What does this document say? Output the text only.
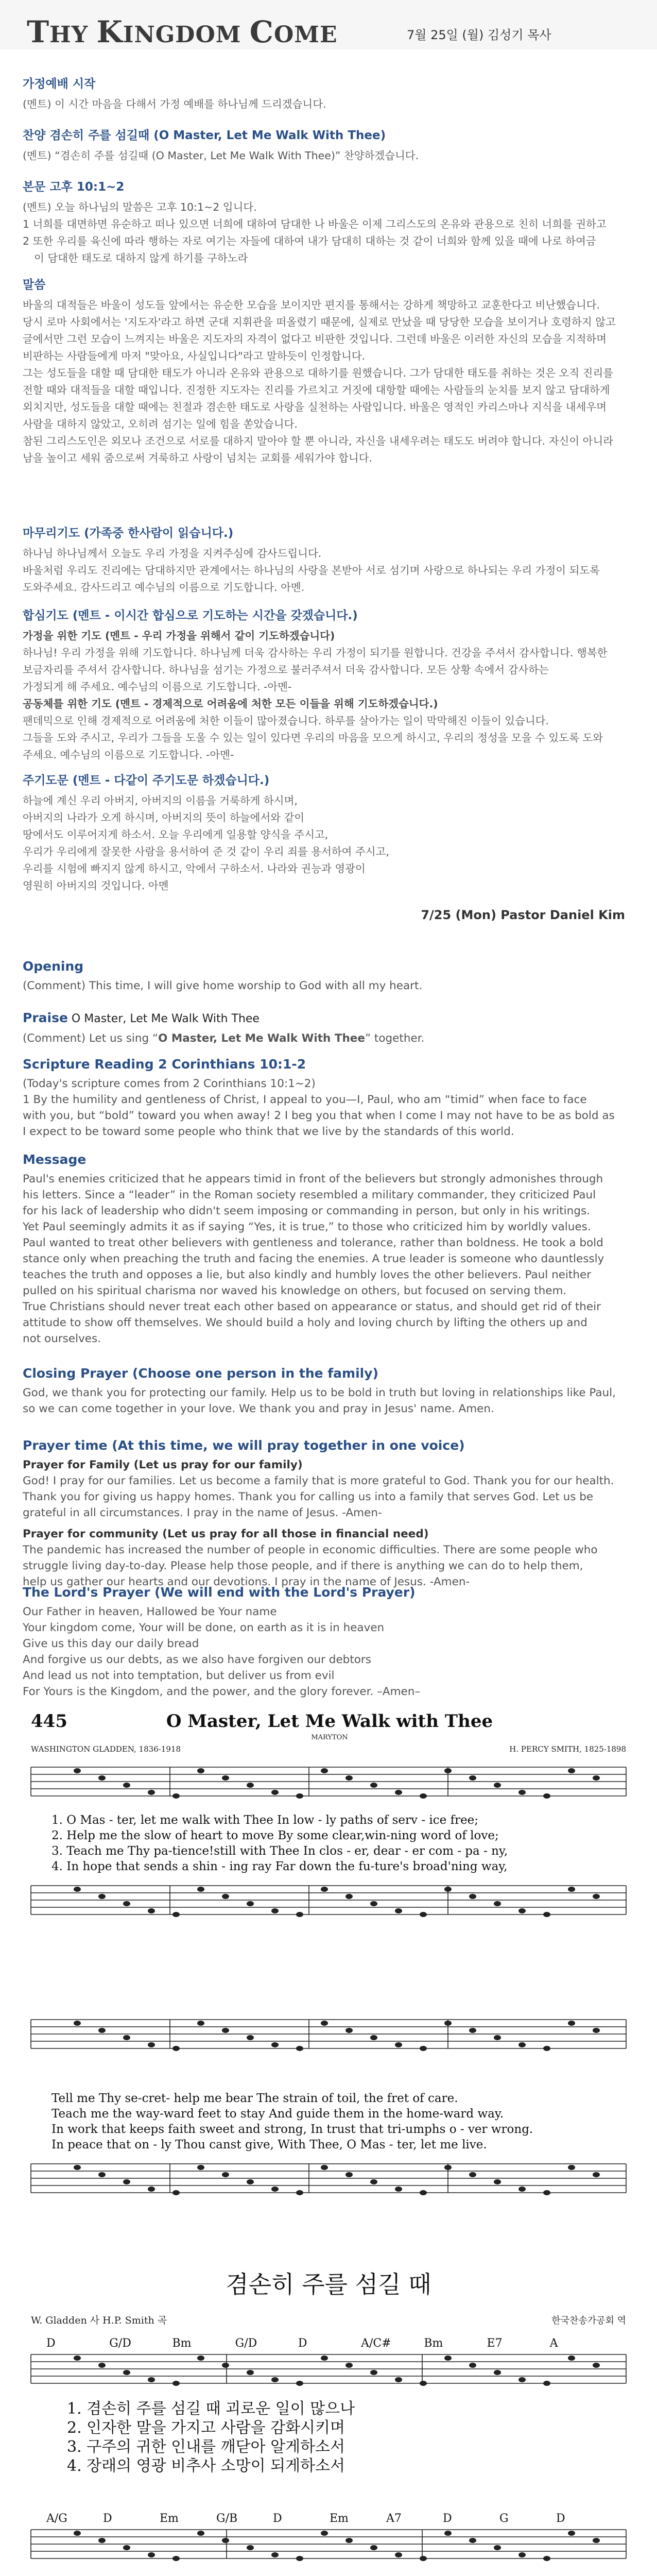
THY KINGDOM COME	7월 25일 (월) 김성기 목사
가정예배 시작

(멘트) 이 시간 마음을 다해서 가정 예배를 하나님께 드리겠습니다.

찬양 겸손히 주를 섬길때 (O Master, Let Me Walk With Thee)

(멘트) “겸손히 주를 섬길때 (O Master, Let Me Walk With Thee)” 찬양하겠습니다.

본문 고후 10:1~2

(멘트) 오늘 하나님의 말씀은 고후 10:1~2 입니다.

1 너희를 대면하면 유순하고 떠나 있으면 너희에 대하여 담대한 나 바울은 이제 그리스도의 온유와 관용으로 친히 너희를 권하고

2 또한 우리를 육신에 따라 행하는 자로 여기는 자들에 대하여 내가 담대히 대하는 것 같이 너희와 함께 있을 때에 나로 하여금

이 담대한 태도로 대하지 않게 하기를 구하노라

말씀

바울의 대적들은 바울이 성도들 앞에서는 유순한 모습을 보이지만 편지를 통해서는 강하게 책망하고 교훈한다고 비난했습니다.

당시 로마 사회에서는 '지도자'라고 하면 군대 지휘관을 떠올렸기 때문에, 실제로 만났을 때 당당한 모습을 보이거나 호령하지 않고

글에서만 그런 모습이 느껴지는 바울은 지도자의 자격이 없다고 비판한 것입니다. 그런데 바울은 이러한 자신의 모습을 지적하며

비판하는 사람들에게 마저 "맞아요, 사실입니다"라고 말하듯이 인정합니다.

그는 성도들을 대할 때 담대한 태도가 아니라 온유와 관용으로 대하기를 원했습니다. 그가 담대한 태도를 취하는 것은 오직 진리를

전할 때와 대적들을 대할 때입니다. 진정한 지도자는 진리를 가르치고 거짓에 대항할 때에는 사람들의 눈치를 보지 않고 담대하게

외치지만, 성도들을 대할 때에는 친절과 겸손한 태도로 사랑을 실천하는 사람입니다. 바울은 영적인 카리스마나 지식을 내세우며

사람을 대하지 않았고, 오히려 섬기는 일에 힘을 쏟았습니다.

참된 그리스도인은 외모나 조건으로 서로를 대하지 말아야 할 뿐 아니라, 자신을 내세우려는 태도도 버려야 합니다. 자신이 아니라

남을 높이고 세워 줌으로써 겨룩하고 사랑이 넘치는 교회를 세워가야 합니다.

마무리기도 (가족중 한사람이 읽습니다.)

하나님 하나님께서 오늘도 우리 가정을 지켜주심에 감사드립니다.

바울처럼 우리도 진리에는 담대하지만 관계에서는 하나님의 사랑을 본받아 서로 섬기며 사랑으로 하나되는 우리 가정이 되도록

도와주세요. 감사드리고 예수님의 이름으로 기도합니다. 아멘.

합심기도 (멘트 - 이시간 합심으로 기도하는 시간을 갖겠습니다.)

가정을 위한 기도 (멘트 - 우리 가정을 위해서 같이 기도하겠습니다)

하나님! 우리 가정을 위해 기도합니다. 하나님께 더욱 감사하는 우리 가정이 되기를 원합니다. 건강을 주셔서 감사합니다. 행복한

보금자리를 주셔서 감사합니다. 하나님을 섬기는 가정으로 불러주셔서 더욱 감사합니다. 모든 상황 속에서 감사하는

가정되게 해 주세요. 예수님의 이름으로 기도합니다. -아멘-

공동체를 위한 기도 (멘트 - 경제적으로 어려움에 처한 모든 이들을 위해 기도하겠습니다.)

팬데믹으로 인해 경제적으로 어려움에 처한 이들이 많아졌습니다. 하루를 살아가는 일이 막막해진 이들이 있습니다.

그들을 도와 주시고, 우리가 그들을 도울 수 있는 일이 있다면 우리의 마음을 모으게 하시고, 우리의 정성을 모을 수 있도록 도와

주세요. 예수님의 이름으로 기도합니다. -아멘-

주기도문 (멘트 - 다같이 주기도문 하겠습니다.)

하늘에 계신 우리 아버지, 아버지의 이름을 거룩하게 하시며,

아버지의 나라가 오게 하시며, 아버지의 뜻이 하늘에서와 같이

땅에서도 이루어지게 하소서. 오늘 우리에게 일용할 양식을 주시고,

우리가 우리에게 잘못한 사람을 용서하여 준 것 같이 우리 죄를 용서하여 주시고,

우리를 시험에 빠지지 않게 하시고, 악에서 구하소서. 나라와 권능과 영광이

영원히 아버지의 것입니다. 아멘

7/25 (Mon) Pastor Daniel Kim
Opening

(Comment) This time, I will give home worship to God with all my heart.

Praise O Master, Let Me Walk With Thee

(Comment) Let us sing “O Master, Let Me Walk With Thee” together.

Scripture Reading 2 Corinthians 10:1-2

(Today's scripture comes from 2 Corinthians 10:1~2)

1 By the humility and gentleness of Christ, I appeal to you—I, Paul, who am “timid” when face to face

with you, but “bold” toward you when away! 2 I beg you that when I come I may not have to be as bold as

I expect to be toward some people who think that we live by the standards of this world.

Message

Paul's enemies criticized that he appears timid in front of the believers but strongly admonishes through

his letters. Since a “leader” in the Roman society resembled a military commander, they criticized Paul

for his lack of leadership who didn't seem imposing or commanding in person, but only in his writings.

Yet Paul seemingly admits it as if saying “Yes, it is true,” to those who criticized him by worldly values.

Paul wanted to treat other believers with gentleness and tolerance, rather than boldness. He took a bold

stance only when preaching the truth and facing the enemies. A true leader is someone who dauntlessly

teaches the truth and opposes a lie, but also kindly and humbly loves the other believers. Paul neither

pulled on his spiritual charisma nor waved his knowledge on others, but focused on serving them.

True Christians should never treat each other based on appearance or status, and should get rid of their

attitude to show off themselves. We should build a holy and loving church by lifting the others up and

not ourselves.

Closing Prayer (Choose one person in the family)

God, we thank you for protecting our family. Help us to be bold in truth but loving in relationships like Paul,

so we can come together in your love. We thank you and pray in Jesus' name. Amen.

Prayer time (At this time, we will pray together in one voice)

Prayer for Family (Let us pray for our family)

God! I pray for our families. Let us become a family that is more grateful to God. Thank you for our health.

Thank you for giving us happy homes. Thank you for calling us into a family that serves God. Let us be

grateful in all circumstances. I pray in the name of Jesus. -Amen-

Prayer for community (Let us pray for all those in financial need)

The pandemic has increased the number of people in economic difficulties. There are some people who

struggle living day-to-day. Please help those people, and if there is anything we can do to help them,

help us gather our hearts and our devotions. I pray in the name of Jesus. -Amen-

The Lord's Prayer (We will end with the Lord's Prayer)

Our Father in heaven, Hallowed be Your name

Your kingdom come, Your will be done, on earth as it is in heaven

Give us this day our daily bread

And forgive us our debts, as we also have forgiven our debtors

And lead us not into temptation, but deliver us from evil

For Yours is the Kingdom, and the power, and the glory forever. –Amen–

445	O Master, Let Me Walk with Thee
MARYTON
WASHINGTON GLADDEN, 1836-1918	H. PERCY SMITH, 1825-1898
1. O Mas - ter, let me walk with Thee In low - ly paths of serv - ice free;
2. Help me the slow of heart to move By some clear,win-ning word of love;
3. Teach me Thy pa-tience!still with Thee In clos - er, dear - er com - pa - ny,
4. In hope that sends a shin - ing ray Far down the fu-ture's broad'ning way,
Tell me Thy se-cret- help me bear The strain of toil, the fret of care.
Teach me the way-ward feet to stay And guide them in the home-ward way.
In work that keeps faith sweet and strong, In trust that tri-umphs o - ver wrong.
In peace that on - ly Thou canst give, With Thee, O Mas - ter, let me live.
겸손히 주를 섬길 때
W. Gladden 사 H.P. Smith 곡	한국찬송가공회 역
D	G/D	Bm	G/D	D	A/C#	Bm	E7	A
A/G	D	Em	G/B	D	Em	A7	D	G	D
1. 겸손히 주를 섬길 때 괴로운 일이 많으나
2. 인자한 말을 가지고 사람을 감화시키며
3. 구주의 귀한 인내를 깨닫아 알게하소서
4. 장래의 영광 비추사 소망이 되게하소서
